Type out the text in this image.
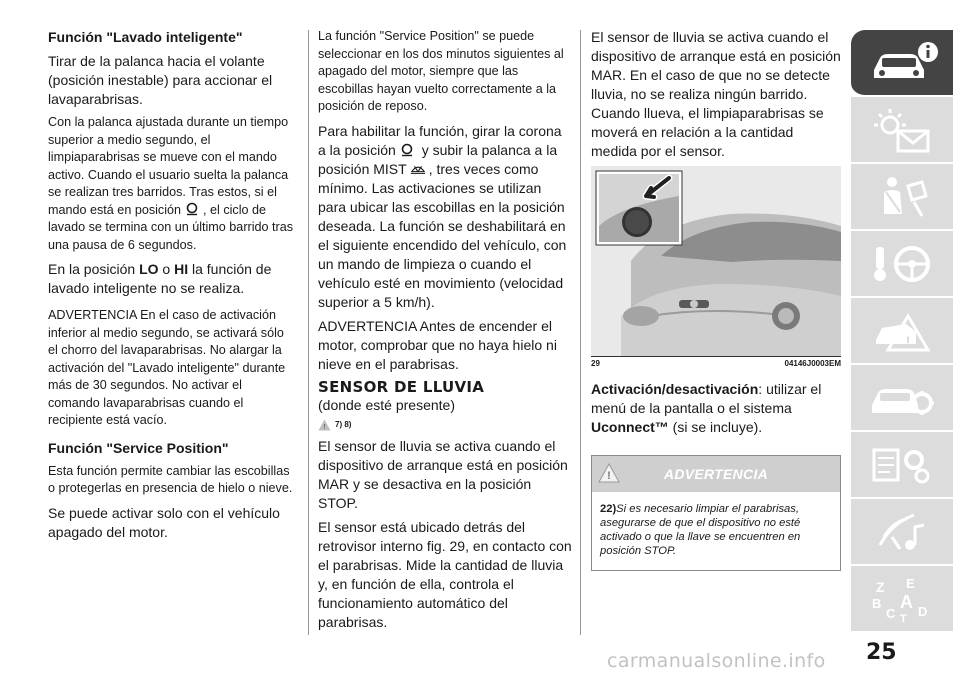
Función "Lavado inteligente"
Tirar de la palanca hacia el volante (posición inestable) para accionar el lavaparabrisas.
Con la palanca ajustada durante un tiempo superior a medio segundo, el limpiaparabrisas se mueve con el mando activo. Cuando el usuario suelta la palanca se realizan tres barridos. Tras estos, si el mando está en posición , el ciclo de lavado se termina con un último barrido tras una pausa de 6 segundos.
En la posición LO o HI la función de lavado inteligente no se realiza.
ADVERTENCIA En el caso de activación inferior al medio segundo, se activará sólo el chorro del lavaparabrisas. No alargar la activación del "Lavado inteligente" durante más de 30 segundos. No activar el comando lavaparabrisas cuando el recipiente está vacío.
Función "Service Position"
Esta función permite cambiar las escobillas o protegerlas en presencia de hielo o nieve.
Se puede activar solo con el vehículo apagado del motor.
La función "Service Position" se puede seleccionar en los dos minutos siguientes al apagado del motor, siempre que las escobillas hayan vuelto correctamente a la posición de reposo.
Para habilitar la función, girar la corona a la posición y subir la palanca a la posición MIST , tres veces como mínimo. Las activaciones se utilizan para ubicar las escobillas en la posición deseada. La función se deshabilitará en el siguiente encendido del vehículo, con un mando de limpieza o cuando el vehículo esté en movimiento (velocidad superior a 5 km/h).
ADVERTENCIA Antes de encender el motor, comprobar que no haya hielo ni nieve en el parabrisas.
SENSOR DE LLUVIA
(donde esté presente)
! 7) 8)
El sensor de lluvia se activa cuando el dispositivo de arranque está en posición MAR y se desactiva en la posición STOP.
El sensor está ubicado detrás del retrovisor interno fig. 29, en contacto con el parabrisas. Mide la cantidad de lluvia y, en función de ella, controla el funcionamiento automático del parabrisas.
El sensor de lluvia se activa cuando el dispositivo de arranque está en posición MAR. En el caso de que no se detecte lluvia, no se realiza ningún barrido. Cuando llueva, el limpiaparabrisas se moverá en relación a la cantidad medida por el sensor.
29	04146J0003EM
Activación/desactivación: utilizar el menú de la pantalla o el sistema Uconnect™ (si se incluye).
!	ADVERTENCIA
22)Si es necesario limpiar el parabrisas, asegurarse de que el dispositivo no esté activado o que la llave se encuentren en posición STOP.
!
Z E
B A
C D
T
25
carmanualsonline.info
